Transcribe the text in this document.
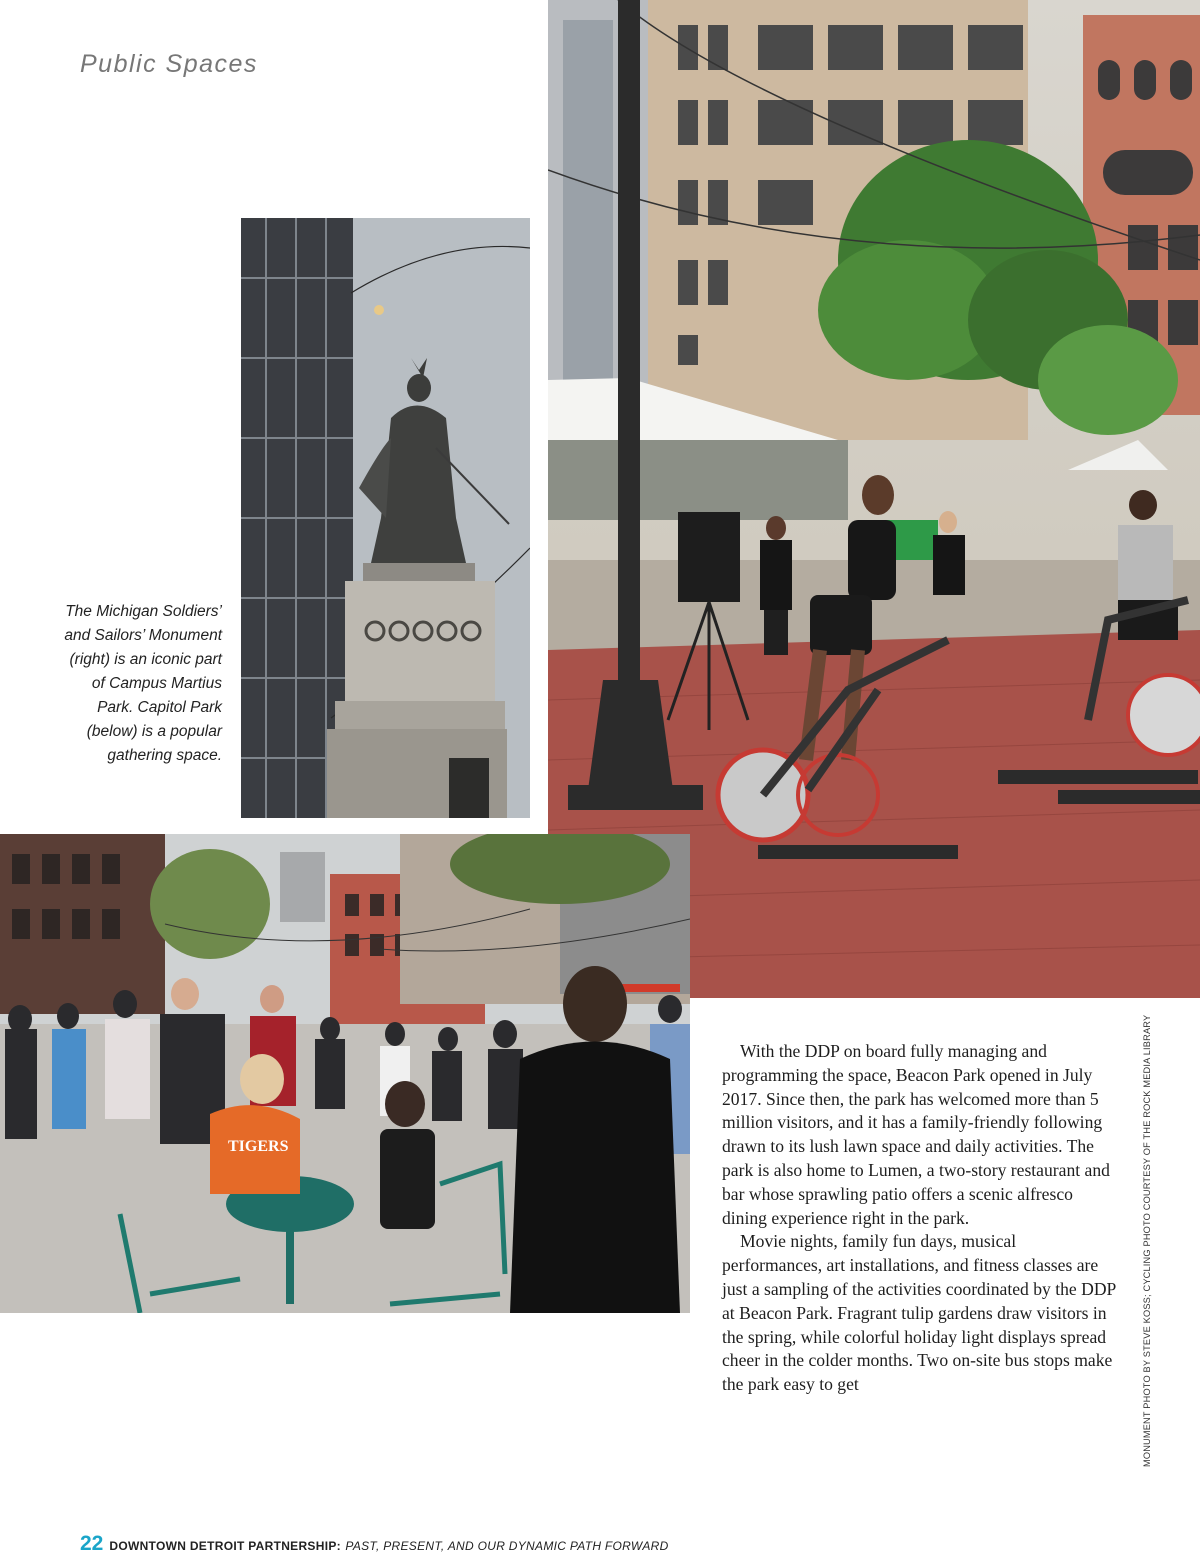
Public Spaces
TIGERS
The Michigan Soldiers’ and Sailors’ Monument (right) is an iconic part of Campus Martius Park. Capitol Park (below) is a popular gathering space.

With the DDP on board fully managing and programming the space, Beacon Park opened in July 2017. Since then, the park has welcomed more than 5 million visitors, and it has a family-friendly following drawn to its lush lawn space and daily activities. The park is also home to Lumen, a two-story restaurant and bar whose sprawling patio offers a scenic alfresco dining experience right in the park.

Movie nights, family fun days, musical performances, art installations, and fitness classes are just a sampling of the activities coordinated by the DDP at Beacon Park. Fragrant tulip gardens draw visitors in the spring, while colorful holiday light displays spread cheer in the colder months. Two on-site bus stops make the park easy to get	MONUMENT PHOTO BY STEVE KOSS; CYCLING PHOTO COURTESY OF THE ROCK MEDIA LIBRARY
22 DOWNTOWN DETROIT PARTNERSHIP: PAST, PRESENT, AND OUR DYNAMIC PATH FORWARD
